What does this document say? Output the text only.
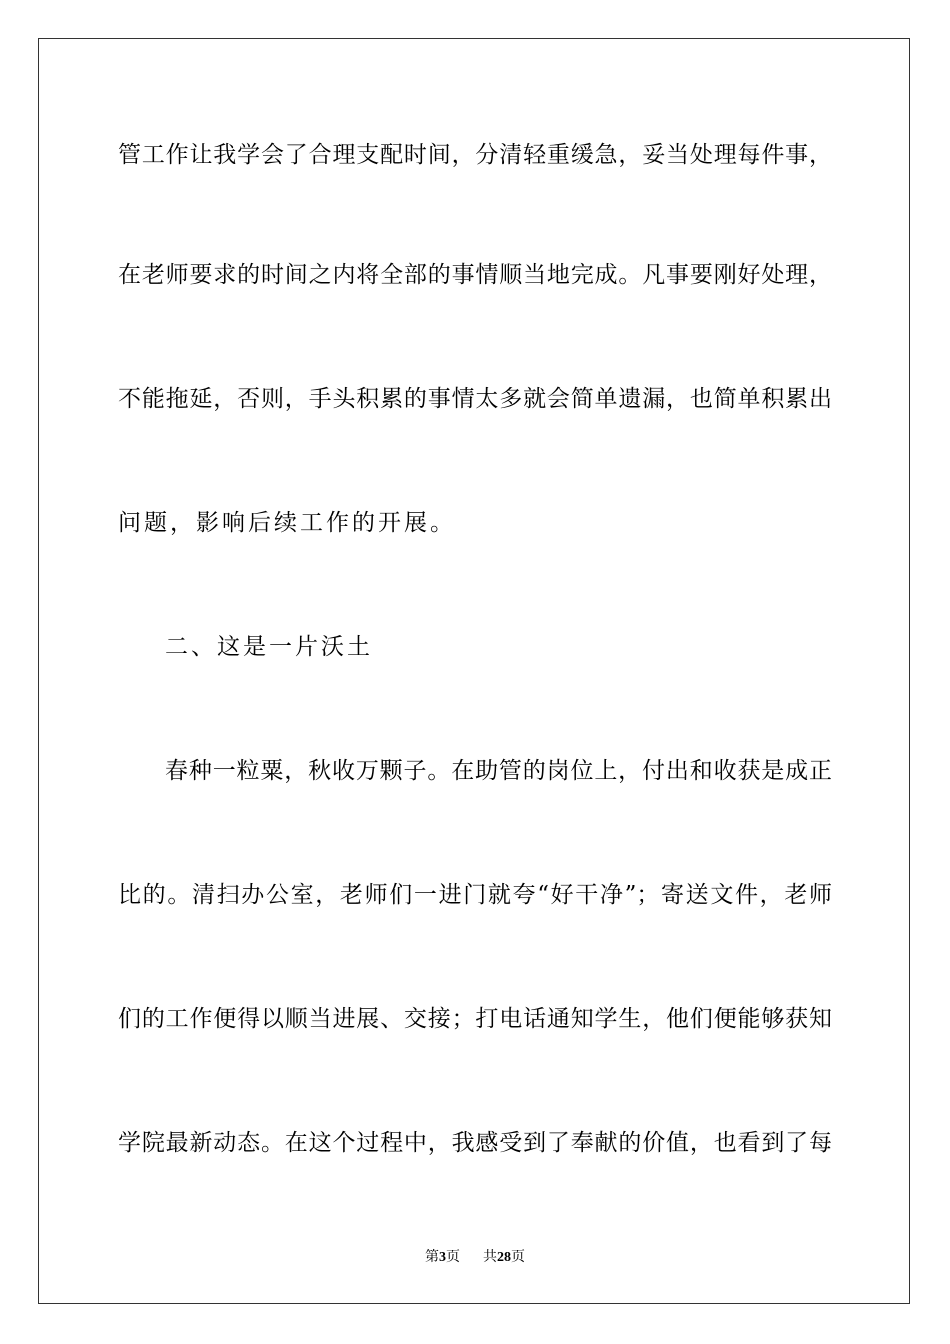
管工作让我学会了合理支配时间，分清轻重缓急，妥当处理每件事，
在老师要求的时间之内将全部的事情顺当地完成。凡事要刚好处理，
不能拖延，否则，手头积累的事情太多就会简单遗漏，也简单积累出
问题，影响后续工作的开展。
二、这是一片沃土
春种一粒粟，秋收万颗子。在助管的岗位上，付出和收获是成正
比的。清扫办公室，老师们一进门就夸“好干净”；寄送文件，老师
们的工作便得以顺当进展、交接；打电话通知学生，他们便能够获知
学院最新动态。在这个过程中，我感受到了奉献的价值，也看到了每
第3页 共28页
